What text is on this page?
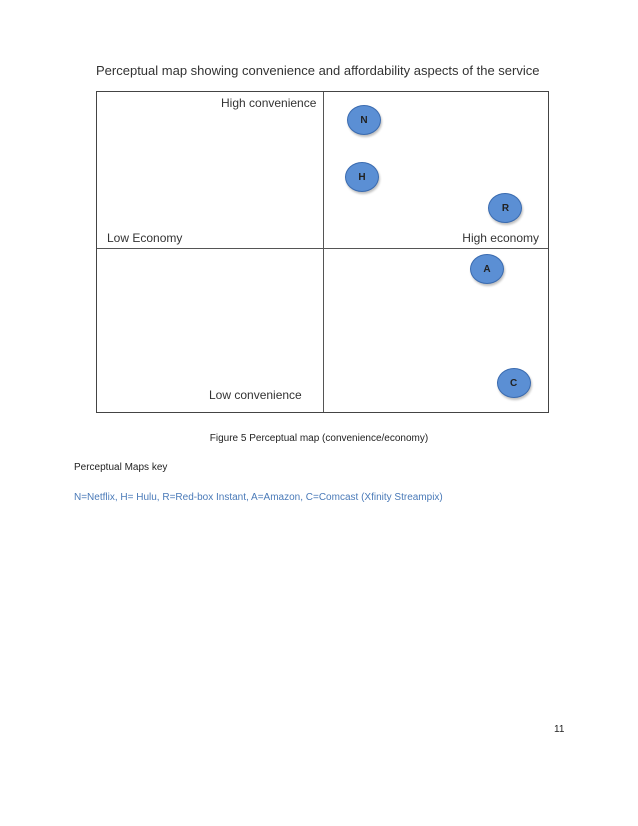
Perceptual map showing convenience and affordability aspects of the service
High convenience
Low convenience
Low Economy	High economy
N
H
R
A
C
Figure 5 Perceptual map (convenience/economy)
Perceptual Maps key
N=Netflix, H= Hulu, R=Red-box Instant, A=Amazon, C=Comcast (Xfinity Streampix)
11
